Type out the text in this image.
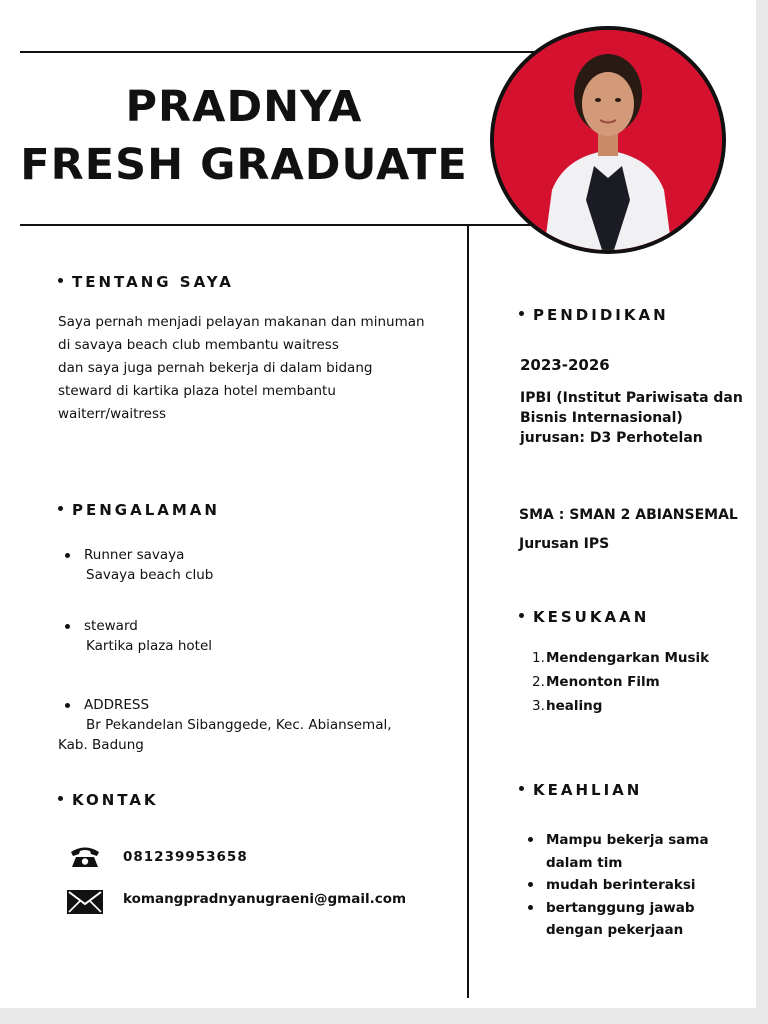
PRADNYA
FRESH GRADUATE
TENTANG SAYA
Saya pernah menjadi pelayan makanan dan minuman
di savaya beach club membantu waitress
dan saya juga pernah bekerja di dalam bidang
steward di kartika plaza hotel membantu
waiterr/waitress
PENGALAMAN
Runner savaya
Savaya beach club
steward
Kartika plaza hotel
ADDRESS
Br Pekandelan Sibanggede, Kec. Abiansemal,
Kab. Badung
KONTAK
081239953658
komangpradnyanugraeni@gmail.com
PENDIDIKAN
2023-2026
IPBI (Institut Pariwisata dan
Bisnis Internasional)
jurusan: D3 Perhotelan
SMA : SMAN 2 ABIANSEMAL
Jurusan IPS
KESUKAAN
1.Mendengarkan Musik
2.Menonton Film
3.healing
KEAHLIAN
Mampu bekerja sama
dalam tim
mudah berinteraksi
bertanggung jawab
dengan pekerjaan
